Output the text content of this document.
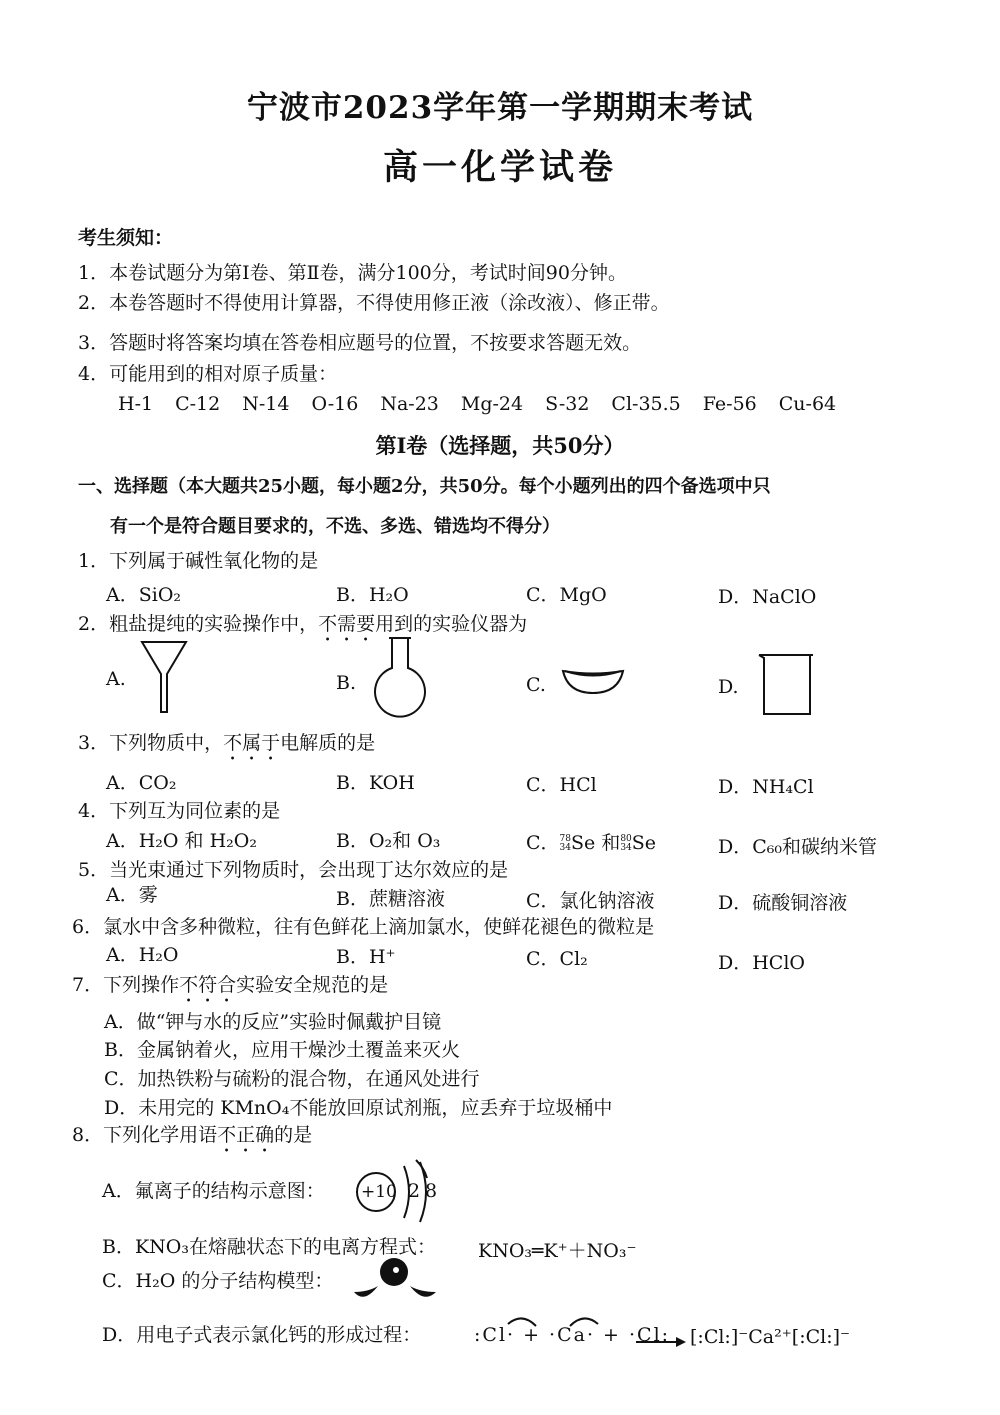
宁波市2023学年第一学期期末考试
高一化学试卷
考生须知：
1．本卷试题分为第Ⅰ卷、第Ⅱ卷，满分100分，考试时间90分钟。
2．本卷答题时不得使用计算器，不得使用修正液（涂改液）、修正带。
3．答题时将答案均填在答卷相应题号的位置，不按要求答题无效。
4．可能用到的相对原子质量：
H-1 C-12 N-14 O-16 Na-23 Mg-24 S-32 Cl-35.5 Fe-56 Cu-64
第Ⅰ卷（选择题，共50分）
一、选择题（本大题共25小题，每小题2分，共50分。每个小题列出的四个备选项中只
有一个是符合题目要求的，不选、多选、错选均不得分）
1．下列属于碱性氧化物的是
A．SiO₂	B．H₂O	C．MgO	D．NaClO
2．粗盐提纯的实验操作中，不需要用到的实验仪器为
A.	B.	C.	D.
3．下列物质中，不属于电解质的是
A．CO₂	B．KOH	C．HCl	D．NH₄Cl
4．下列互为同位素的是
A．H₂O 和 H₂O₂	B．O₂和 O₃	C．78
34Se 和80
34Se	D．C₆₀和碳纳米管
5．当光束通过下列物质时，会出现丁达尔效应的是
A．雾	B．蔗糖溶液	C．氯化钠溶液	D．硫酸铜溶液
6．氯水中含多种微粒，往有色鲜花上滴加氯水，使鲜花褪色的微粒是
A．H₂O	B．H⁺	C．Cl₂	D．HClO
7．下列操作不符合实验安全规范的是
A．做“钾与水的反应”实验时佩戴护目镜
B．金属钠着火，应用干燥沙土覆盖来灭火
C．加热铁粉与硫粉的混合物，在通风处进行
D．未用完的 KMnO₄不能放回原试剂瓶，应丢弃于垃圾桶中
8．下列化学用语不正确的是
A．氟离子的结构示意图： +10 2 8
B．KNO₃在熔融状态下的电离方程式： KNO₃═K⁺＋NO₃⁻
C．H₂O 的分子结构模型：
D．用电子式表示氯化钙的形成过程：	:Cl· + ·Ca· + ·Cl: [:Cl:]⁻Ca²⁺[:Cl:]⁻
